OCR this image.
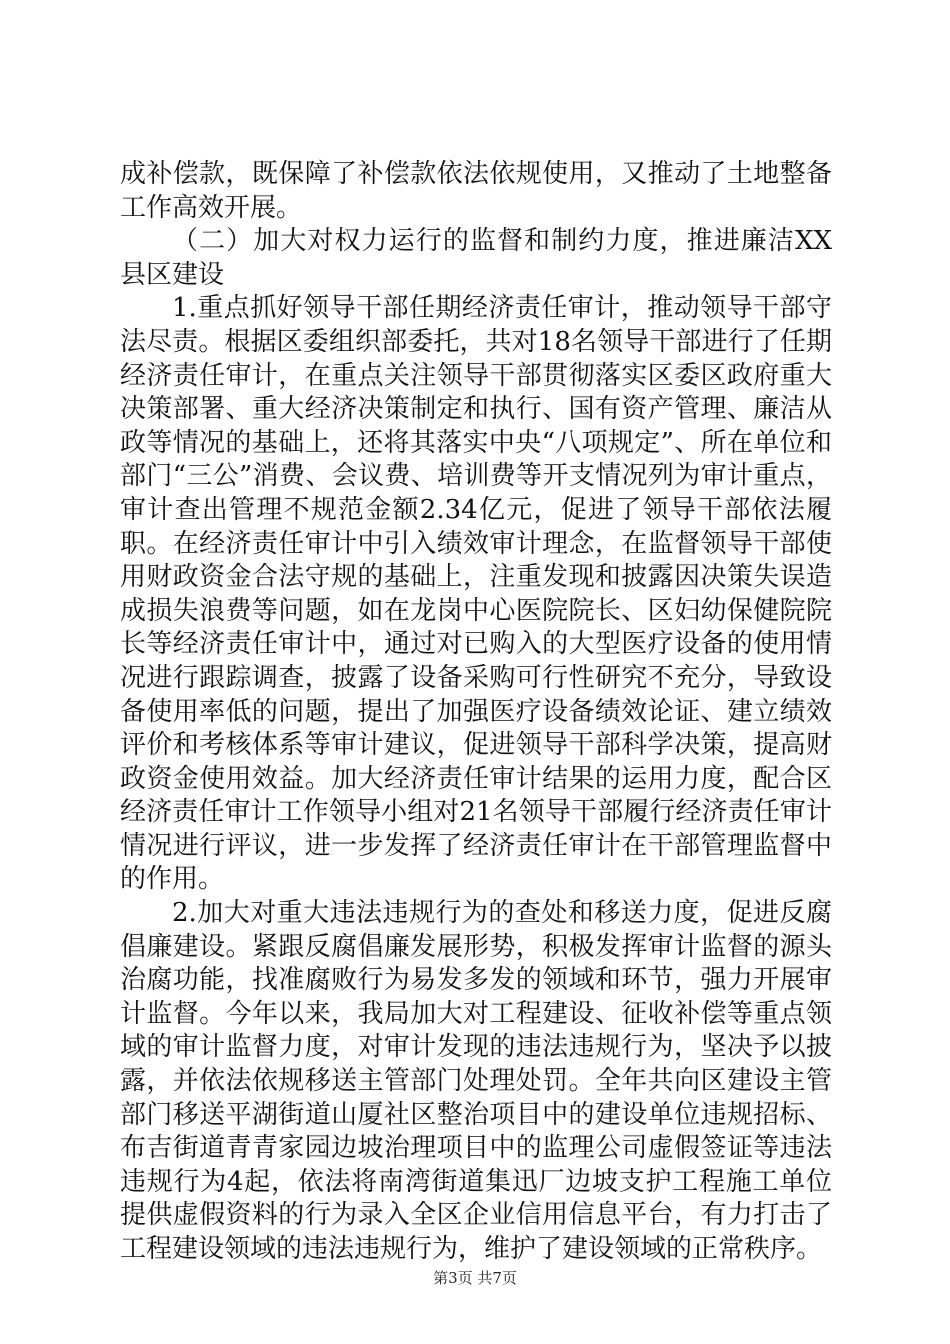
成补偿款，既保障了补偿款依法依规使用，又推动了土地整备工作高效开展。

（二）加大对权力运行的监督和制约力度，推进廉洁XX县区建设

1.重点抓好领导干部任期经济责任审计，推动领导干部守法尽责。根据区委组织部委托，共对18名领导干部进行了任期经济责任审计，在重点关注领导干部贯彻落实区委区政府重大决策部署、重大经济决策制定和执行、国有资产管理、廉洁从政等情况的基础上，还将其落实中央“八项规定”、所在单位和部门“三公”消费、会议费、培训费等开支情况列为审计重点，审计查出管理不规范金额2.34亿元，促进了领导干部依法履职。在经济责任审计中引入绩效审计理念，在监督领导干部使用财政资金合法守规的基础上，注重发现和披露因决策失误造成损失浪费等问题，如在龙岗中心医院院长、区妇幼保健院院长等经济责任审计中，通过对已购入的大型医疗设备的使用情况进行跟踪调查，披露了设备采购可行性研究不充分，导致设备使用率低的问题，提出了加强医疗设备绩效论证、建立绩效评价和考核体系等审计建议，促进领导干部科学决策，提高财政资金使用效益。加大经济责任审计结果的运用力度，配合区经济责任审计工作领导小组对21名领导干部履行经济责任审计情况进行评议，进一步发挥了经济责任审计在干部管理监督中的作用。

2.加大对重大违法违规行为的查处和移送力度，促进反腐倡廉建设。紧跟反腐倡廉发展形势，积极发挥审计监督的源头治腐功能，找准腐败行为易发多发的领域和环节，强力开展审计监督。今年以来，我局加大对工程建设、征收补偿等重点领域的审计监督力度，对审计发现的违法违规行为，坚决予以披露，并依法依规移送主管部门处理处罚。全年共向区建设主管部门移送平湖街道山厦社区整治项目中的建设单位违规招标、布吉街道青青家园边坡治理项目中的监理公司虚假签证等违法违规行为4起，依法将南湾街道集迅厂边坡支护工程施工单位提供虚假资料的行为录入全区企业信用信息平台，有力打击了工程建设领域的违法违规行为，维护了建设领域的正常秩序。

第3页 共7页
